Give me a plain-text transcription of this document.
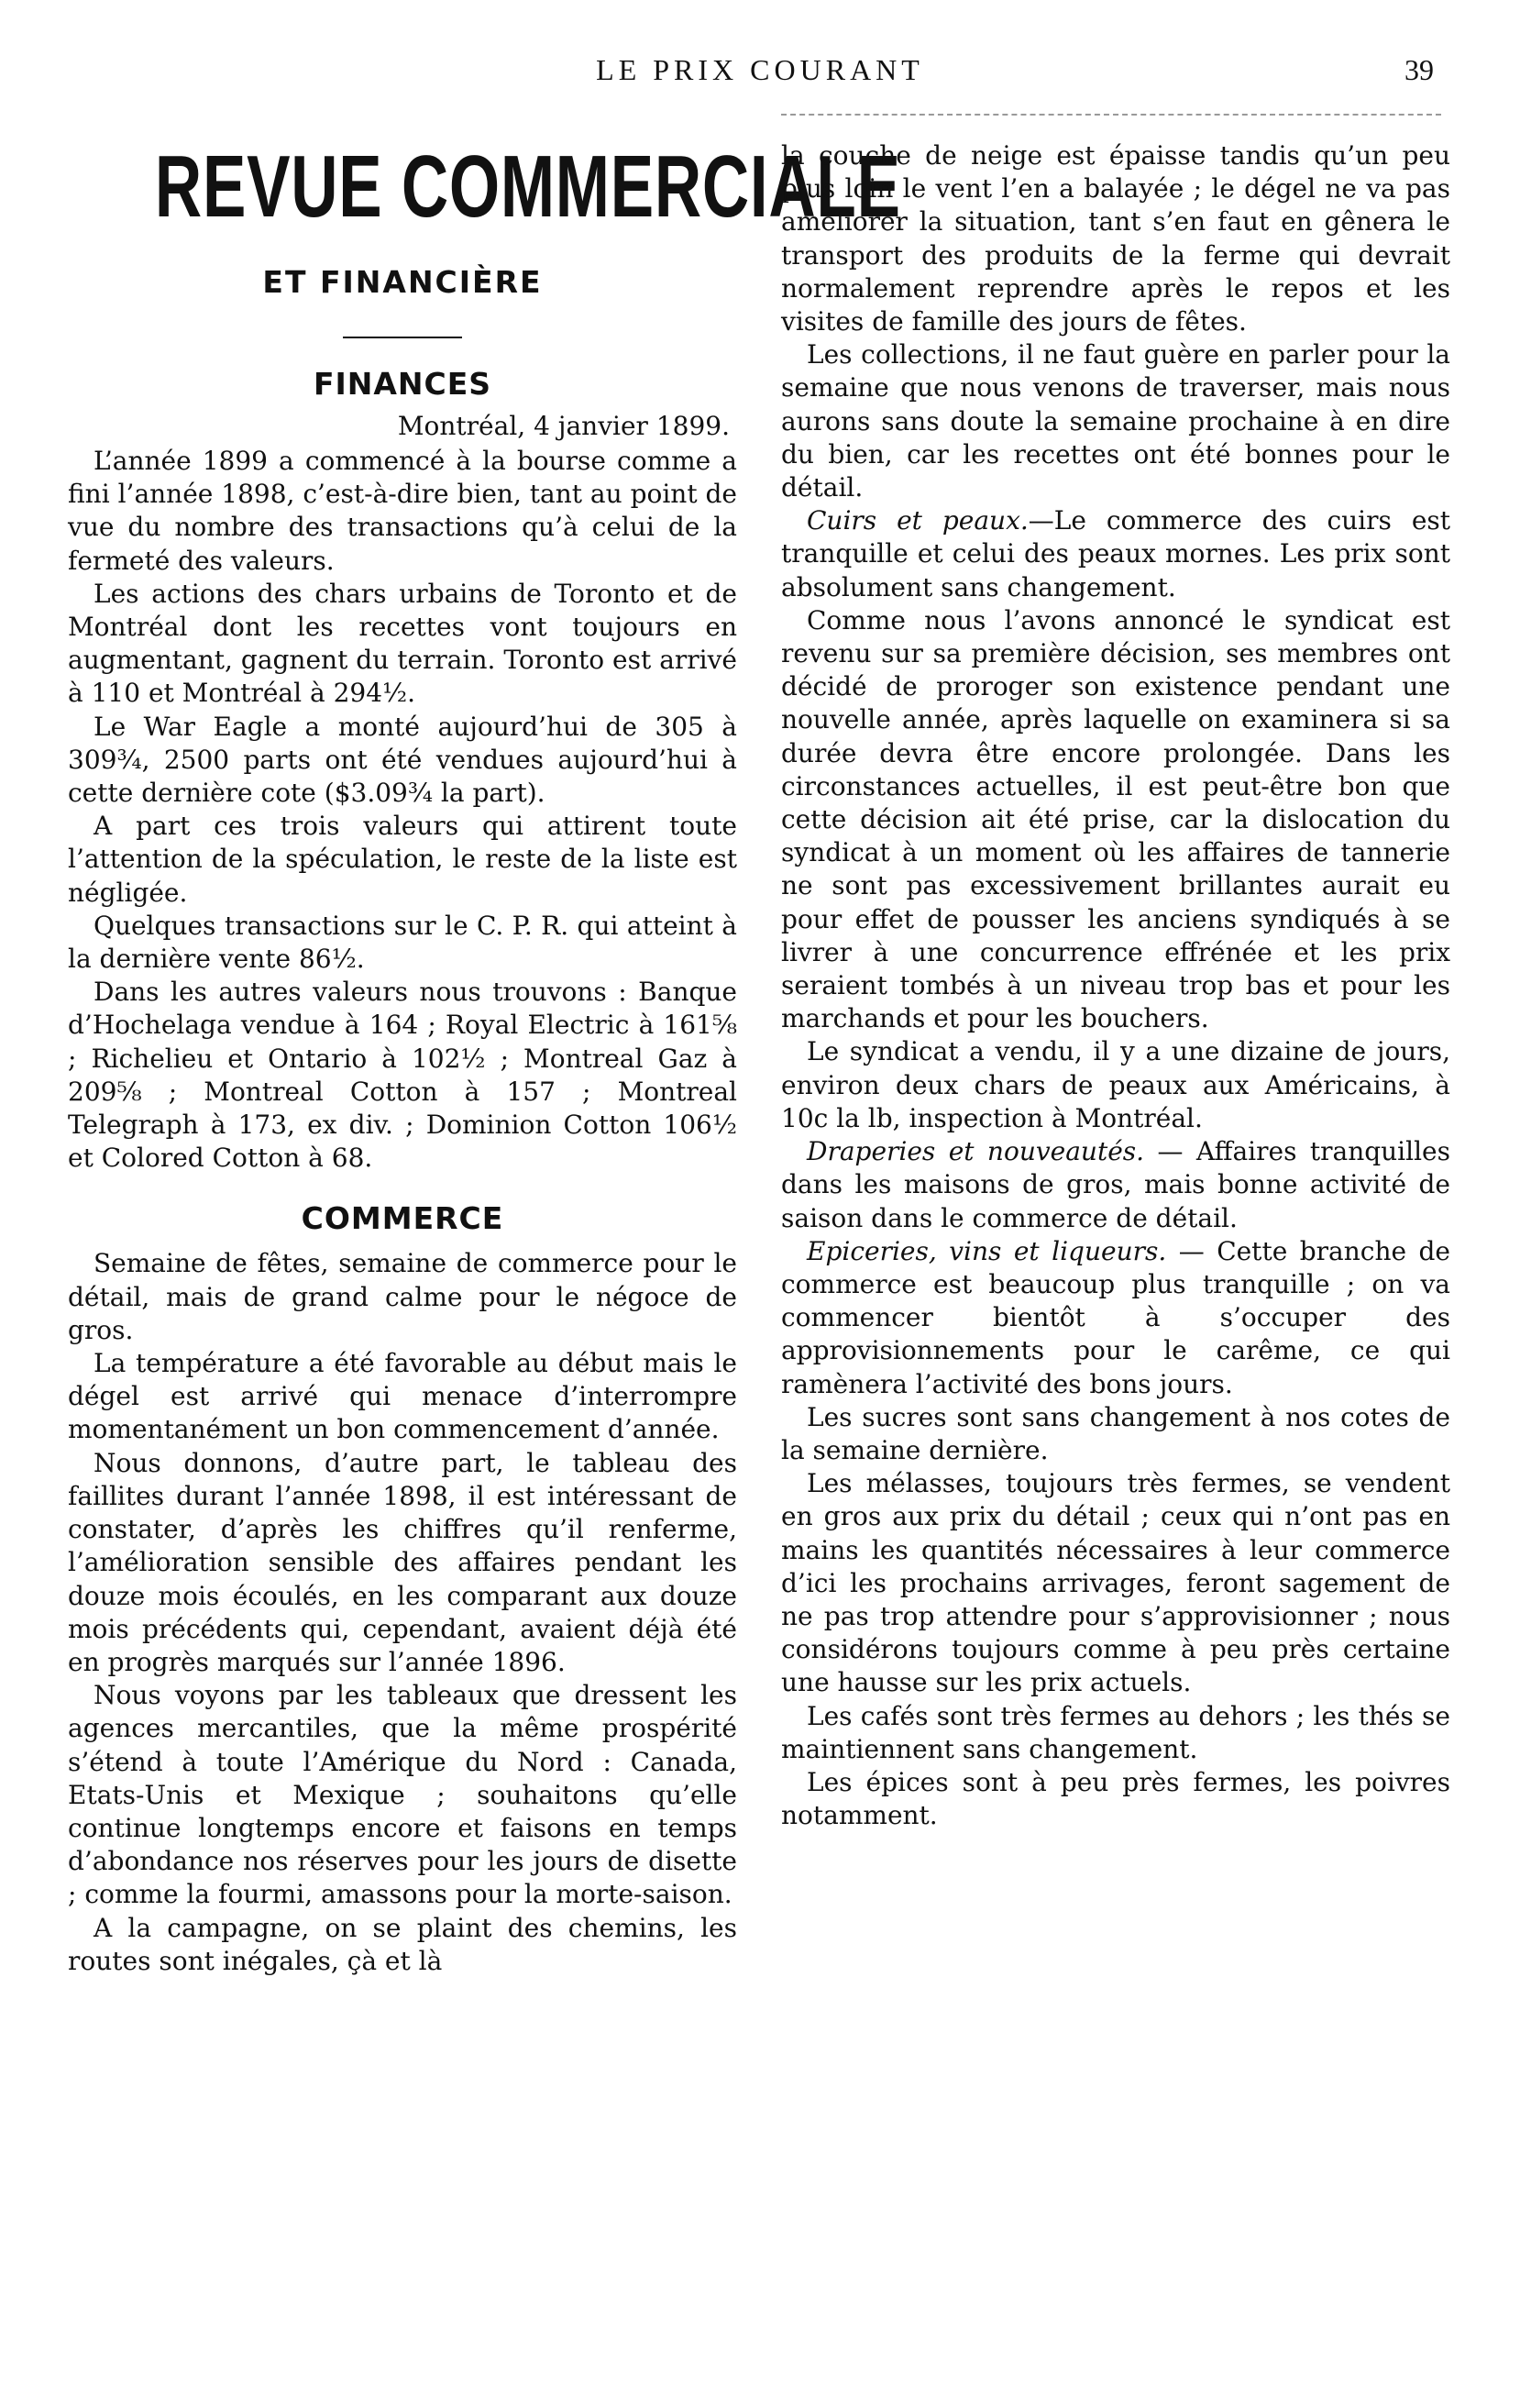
LE PRIX COURANT	39
REVUE COMMERCIALE
ET FINANCIÈRE
FINANCES
Montréal, 4 janvier 1899.

L’année 1899 a commencé à la bourse comme a fini l’année 1898, c’est-à-dire bien, tant au point de vue du nombre des transactions qu’à celui de la fermeté des valeurs.

Les actions des chars urbains de Toronto et de Montréal dont les recettes vont toujours en augmentant, gagnent du terrain. Toronto est arrivé à 110 et Montréal à 294½.

Le War Eagle a monté aujourd’hui de 305 à 309¾, 2500 parts ont été vendues aujourd’hui à cette dernière cote ($3.09¾ la part).

A part ces trois valeurs qui attirent toute l’attention de la spéculation, le reste de la liste est négligée.

Quelques transactions sur le C. P. R. qui atteint à la dernière vente 86½.

Dans les autres valeurs nous trouvons : Banque d’Hochelaga vendue à 164 ; Royal Electric à 161⅝ ; Richelieu et Ontario à 102½ ; Montreal Gaz à 209⅝ ; Montreal Cotton à 157 ; Montreal Telegraph à 173, ex div. ; Dominion Cotton 106½ et Colored Cotton à 68.

COMMERCE

Semaine de fêtes, semaine de commerce pour le détail, mais de grand calme pour le négoce de gros.

La température a été favorable au début mais le dégel est arrivé qui menace d’interrompre momentanément un bon commencement d’année.

Nous donnons, d’autre part, le tableau des faillites durant l’année 1898, il est intéressant de constater, d’après les chiffres qu’il renferme, l’amélioration sensible des affaires pendant les douze mois écoulés, en les comparant aux douze mois précédents qui, cependant, avaient déjà été en progrès marqués sur l’année 1896.

Nous voyons par les tableaux que dressent les agences mercantiles, que la même prospérité s’étend à toute l’Amérique du Nord : Canada, Etats-Unis et Mexique ; souhaitons qu’elle continue longtemps encore et faisons en temps d’abondance nos réserves pour les jours de disette ; comme la fourmi, amassons pour la morte-saison.

A la campagne, on se plaint des chemins, les routes sont inégales, çà et là

la couche de neige est épaisse tandis qu’un peu plus loin le vent l’en a balayée ; le dégel ne va pas améliorer la situation, tant s’en faut en gênera le transport des produits de la ferme qui devrait normalement reprendre après le repos et les visites de famille des jours de fêtes.

Les collections, il ne faut guère en parler pour la semaine que nous venons de traverser, mais nous aurons sans doute la semaine prochaine à en dire du bien, car les recettes ont été bonnes pour le détail.

Cuirs et peaux.—Le commerce des cuirs est tranquille et celui des peaux mornes. Les prix sont absolument sans changement.

Comme nous l’avons annoncé le syndicat est revenu sur sa première décision, ses membres ont décidé de proroger son existence pendant une nouvelle année, après laquelle on examinera si sa durée devra être encore prolongée. Dans les circonstances actuelles, il est peut-être bon que cette décision ait été prise, car la dislocation du syndicat à un moment où les affaires de tannerie ne sont pas excessivement brillantes aurait eu pour effet de pousser les anciens syndiqués à se livrer à une concurrence effrénée et les prix seraient tombés à un niveau trop bas et pour les marchands et pour les bouchers.

Le syndicat a vendu, il y a une dizaine de jours, environ deux chars de peaux aux Américains, à 10c la lb, inspection à Montréal.

Draperies et nouveautés. — Affaires tranquilles dans les maisons de gros, mais bonne activité de saison dans le commerce de détail.

Epiceries, vins et liqueurs. — Cette branche de commerce est beaucoup plus tranquille ; on va commencer bientôt à s’occuper des approvisionnements pour le carême, ce qui ramènera l’activité des bons jours.

Les sucres sont sans changement à nos cotes de la semaine dernière.

Les mélasses, toujours très fermes, se vendent en gros aux prix du détail ; ceux qui n’ont pas en mains les quantités nécessaires à leur commerce d’ici les prochains arrivages, feront sagement de ne pas trop attendre pour s’approvisionner ; nous considérons toujours comme à peu près certaine une hausse sur les prix actuels.

Les cafés sont très fermes au dehors ; les thés se maintiennent sans changement.

Les épices sont à peu près fermes, les poivres notamment.
